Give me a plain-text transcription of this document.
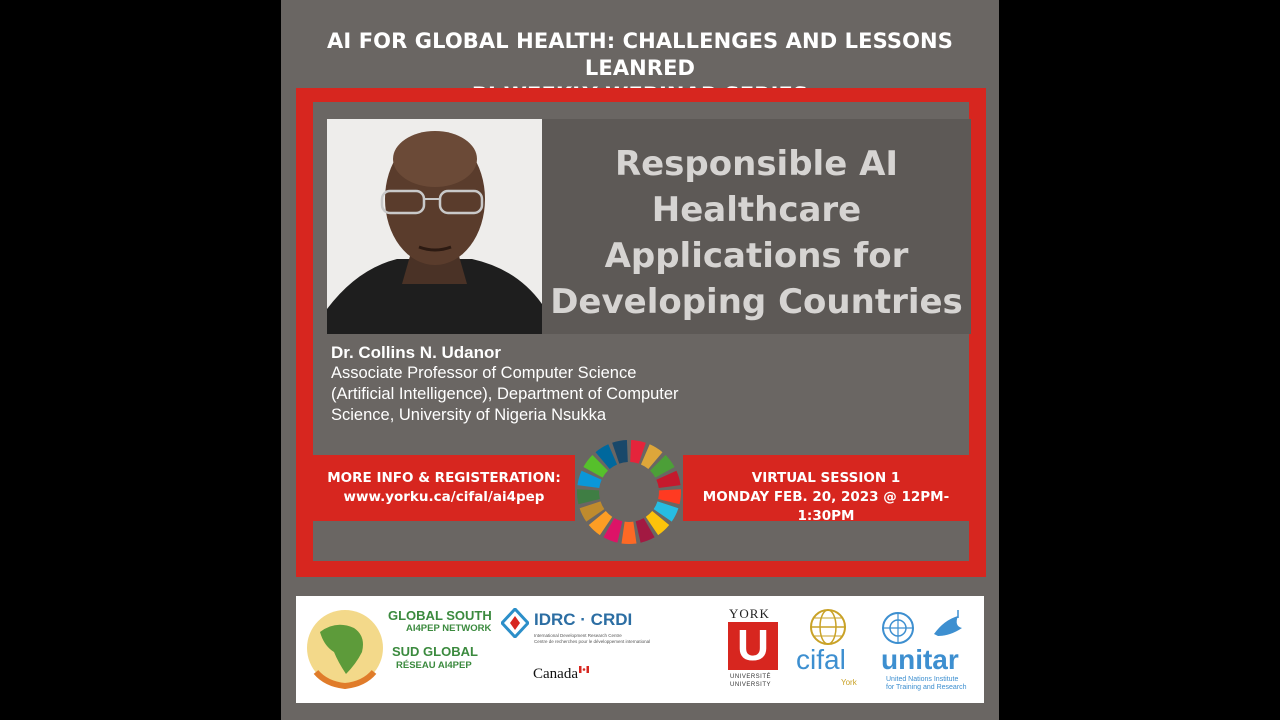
AI FOR GLOBAL HEALTH: CHALLENGES AND LESSONS LEANRED
Responsible AI
Healthcare
Applications for
Developing Countries
Dr. Collins N. Udanor
Associate Professor of Computer Science
(Artificial Intelligence), Department of Computer
Science, University of Nigeria Nsukka
MORE INFO & REGISTERATION:
www.yorku.ca/cifal/ai4pep
VIRTUAL SESSION 1
MONDAY FEB. 20, 2023 @ 12PM-1:30PM
GLOBAL SOUTH
AI4PEP NETWORK
SUD GLOBAL
RÉSEAU AI4PEP
IDRC · CRDI
International Development Research Centre
Centre de recherches pour le développement international
Canada
YORK
U
UNIVERSITÉ
UNIVERSITY
cifal
York
unitar
United Nations Institute
for Training and Research
